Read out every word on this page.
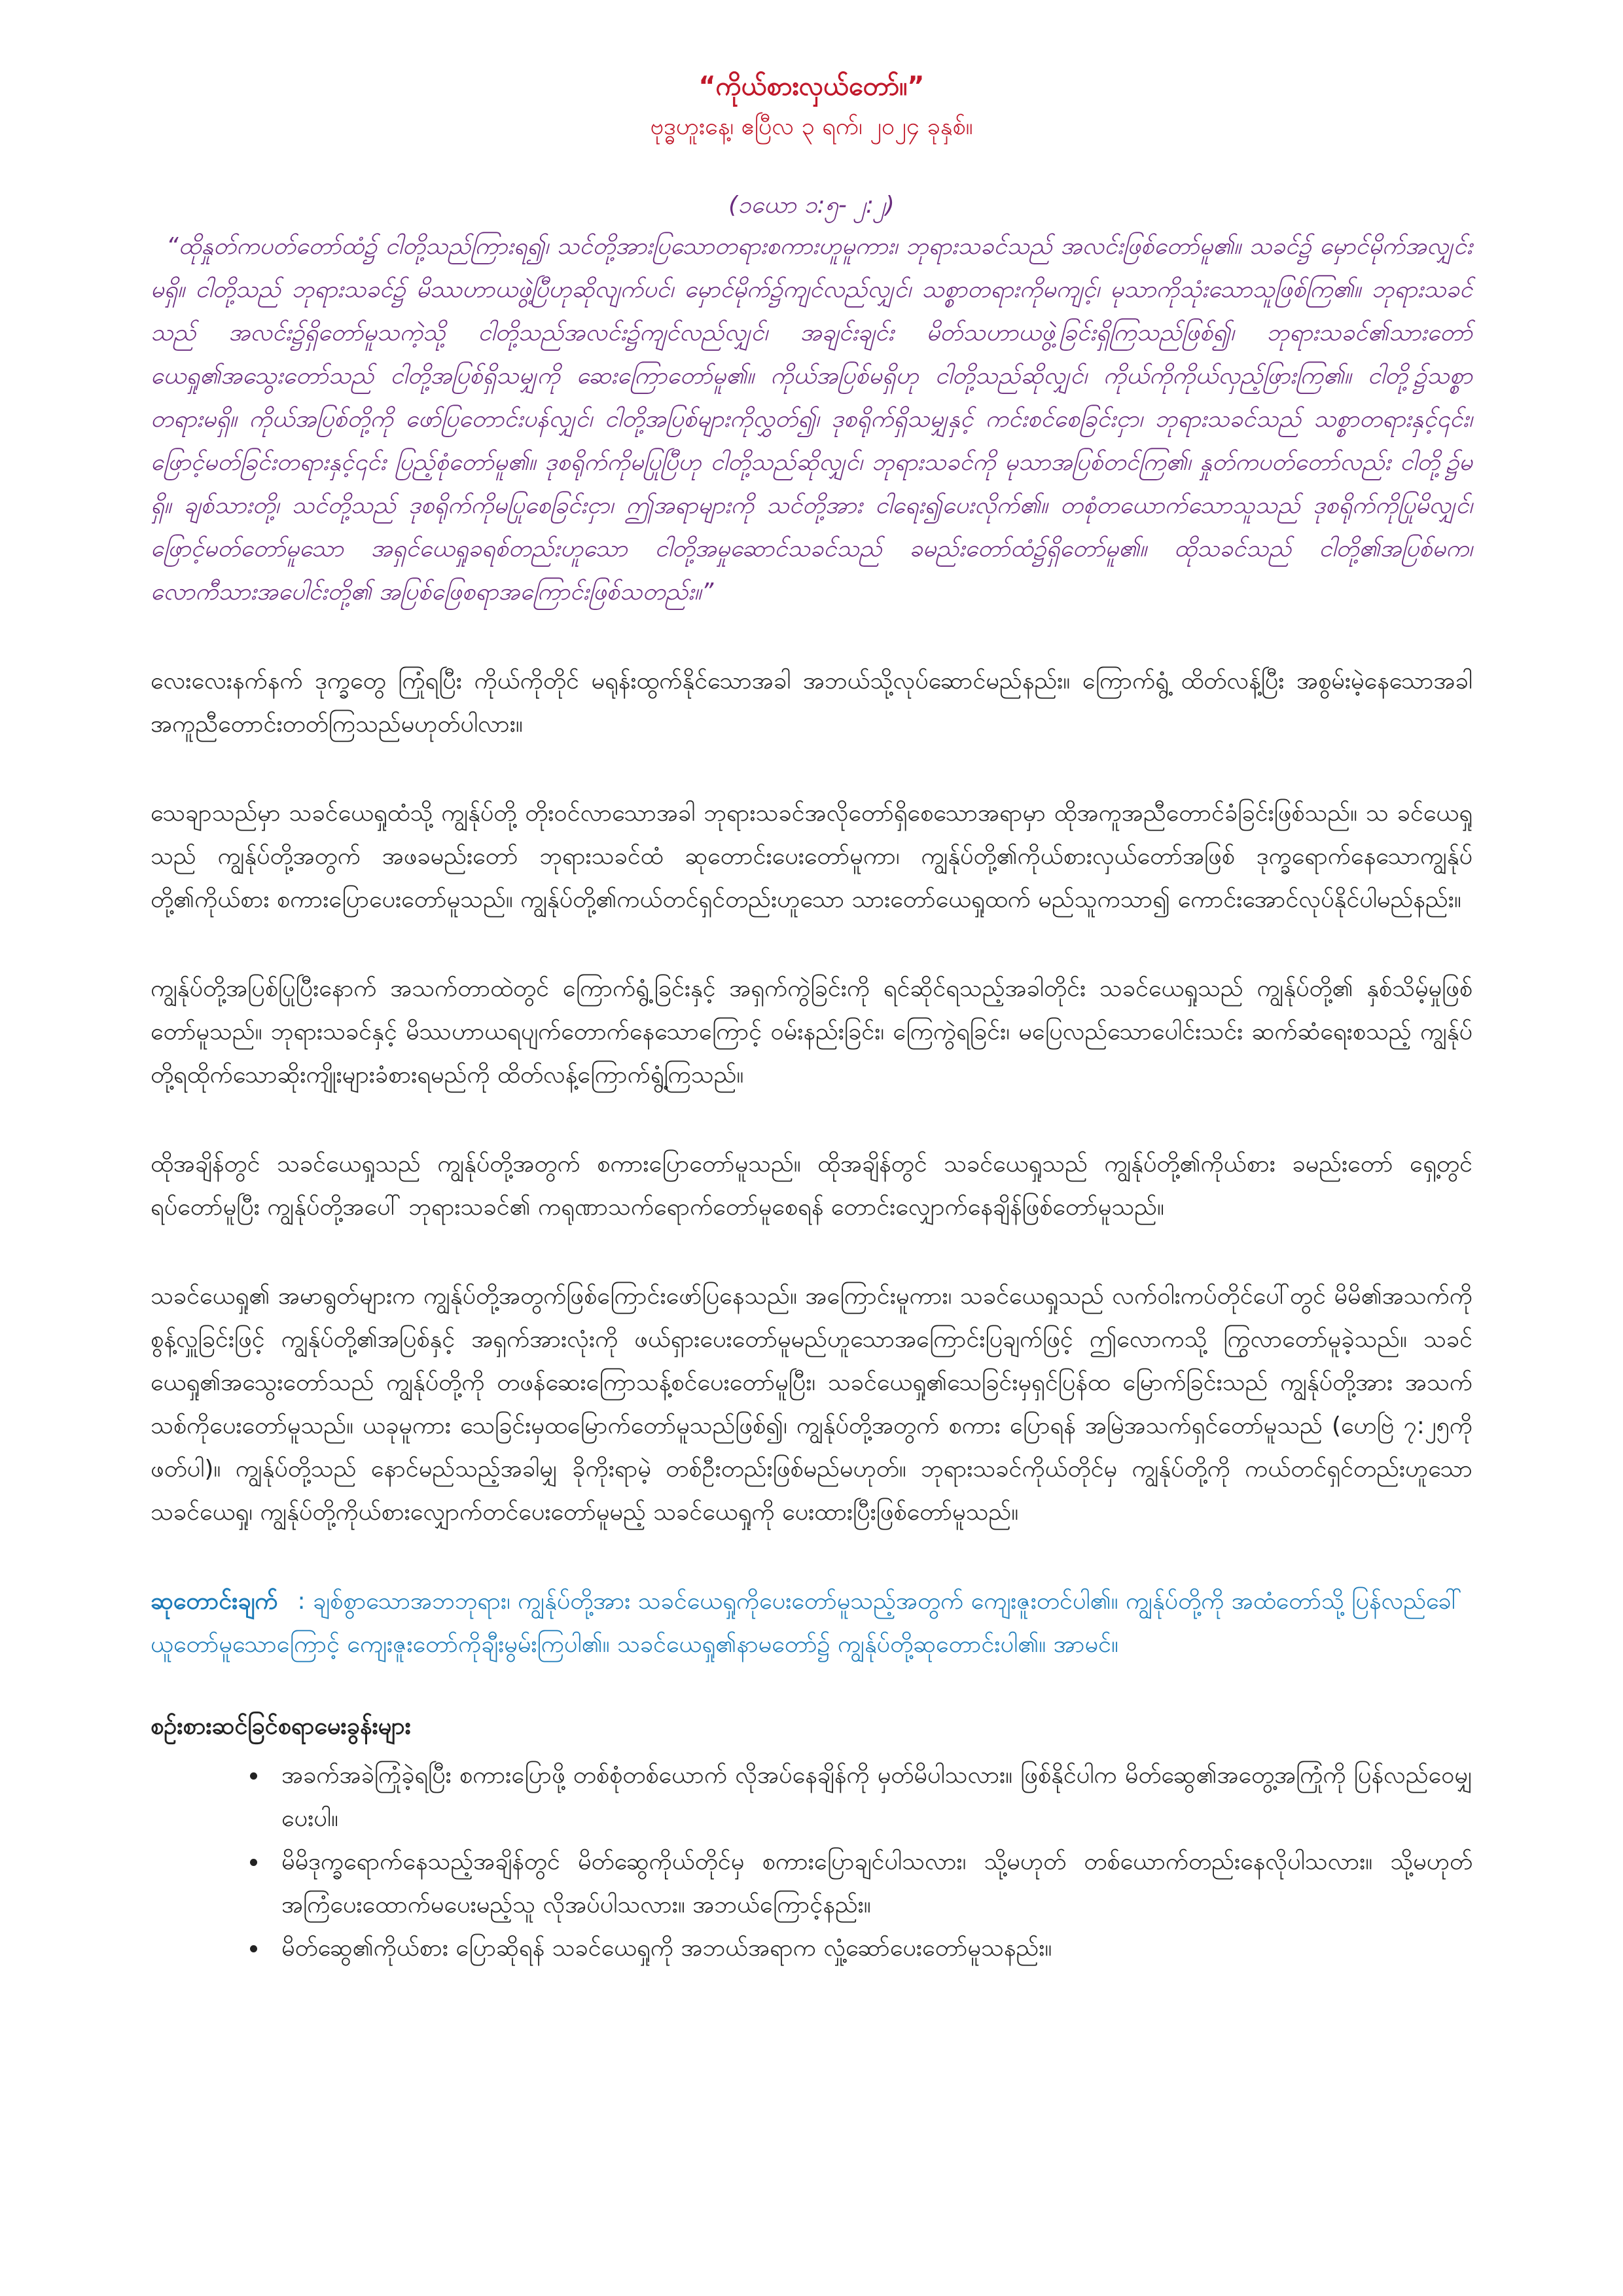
“ကိုယ်စားလှယ်တော်။”

ဗုဒ္ဓဟူးနေ့၊ ဧပြီလ ၃ ရက်၊ ၂၀၂၄ ခုနှစ်။

(၁ယော ၁:၅- ၂:၂)

“ထိုနှုတ်ကပတ်တော်ထံ၌ ငါတို့သည်ကြားရ၍၊ သင်တို့အားပြသောတရားစကားဟူမူကား၊ ဘုရားသခင်သည် အလင်းဖြစ်တော်မူ၏။ သခင်၌ မှောင်မိုက်အလျှင်းမရှိ။ ငါတို့သည် ဘုရားသခင်၌ မိဿဟာယဖွဲ့ပြီဟုဆိုလျက်ပင်၊ မှောင်မိုက်၌ကျင်လည်လျှင်၊ သစ္စာတရားကိုမကျင့်၊ မုသာကိုသုံးသောသူဖြစ်ကြ၏။ ဘုရားသခင်သည် အလင်း၌ရှိတော်မူသကဲ့သို့ ငါတို့သည်အလင်း၌ကျင်လည်လျှင်၊ အချင်းချင်း မိတ်သဟာယဖွဲ့ခြင်းရှိကြသည်ဖြစ်၍၊ ဘုရားသခင်၏သားတော်ယေရှု၏အသွေးတော်သည် ငါတို့အပြစ်ရှိသမျှကို ဆေးကြောတော်မူ၏။ ကိုယ်အပြစ်မရှိဟု ငါတို့သည်ဆိုလျှင်၊ ကိုယ်ကိုကိုယ်လှည့်ဖြားကြ၏။ ငါတို့၌သစ္စာတရားမရှိ။ ကိုယ်အပြစ်တို့ကို ဖော်ပြတောင်းပန်လျှင်၊ ငါတို့အပြစ်များကိုလွှတ်၍၊ ဒုစရိုက်ရှိသမျှနှင့် ကင်းစင်စေခြင်းငှာ၊ ဘုရားသခင်သည် သစ္စာတရားနှင့်၎င်း၊ ဖြောင့်မတ်ခြင်းတရားနှင့်၎င်း ပြည့်စုံတော်မူ၏။ ဒုစရိုက်ကိုမပြုပြီဟု ငါတို့သည်ဆိုလျှင်၊ ဘုရားသခင်ကို မုသာအပြစ်တင်ကြ၏၊ နှုတ်ကပတ်တော်လည်း ငါတို့၌မရှိ။ ချစ်သားတို့၊ သင်တို့သည် ဒုစရိုက်ကိုမပြုစေခြင်းငှာ၊ ဤအရာများကို သင်တို့အား ငါရေး၍ပေးလိုက်၏။ တစုံတယောက်သောသူသည် ဒုစရိုက်ကိုပြုမိလျှင်၊ ဖြောင့်မတ်တော်မူသော အရှင်ယေရှုခရစ်တည်းဟူသော ငါတို့အမှုဆောင်သခင်သည် ခမည်းတော်ထံ၌ရှိတော်မူ၏။ ထိုသခင်သည် ငါတို့၏အပြစ်မက၊ လောကီသားအပေါင်းတို့၏ အပြစ်ဖြေစရာအကြောင်းဖြစ်သတည်း။”

လေးလေးနက်နက် ဒုက္ခတွေ ကြုံရပြီး ကိုယ်ကိုတိုင် မရုန်းထွက်နိုင်သောအခါ အဘယ်သို့လုပ်ဆောင်မည်နည်း။ ကြောက်ရွံ့ ထိတ်လန့်ပြီး အစွမ်းမဲ့နေသောအခါ အကူညီတောင်းတတ်ကြသည်မဟုတ်ပါလား။

သေချာသည်မှာ သခင်ယေရှုထံသို့ ကျွန်ုပ်တို့ တိုးဝင်လာသောအခါ ဘုရားသခင်အလိုတော်ရှိစေသောအရာမှာ ထိုအကူအညီတောင်ခံခြင်းဖြစ်သည်။ သ ခင်ယေရှုသည် ကျွန်ုပ်တို့အတွက် အဖခမည်းတော် ဘုရားသခင်ထံ ဆုတောင်းပေးတော်မူကာ၊ ကျွန်ုပ်တို့၏ကိုယ်စားလှယ်တော်အဖြစ် ဒုက္ခရောက်နေသောကျွန်ုပ်တို့၏ကိုယ်စား စကားပြောပေးတော်မူသည်။ ကျွန်ုပ်တို့၏ကယ်တင်ရှင်တည်းဟူသော သားတော်ယေရှုထက် မည်သူကသာ၍ ကောင်းအောင်လုပ်နိုင်ပါမည်နည်း။

ကျွန်ုပ်တို့အပြစ်ပြုပြီးနောက် အသက်တာထဲတွင် ကြောက်ရွံ့ခြင်းနှင့် အရှက်ကွဲခြင်းကို ရင်ဆိုင်ရသည့်အခါတိုင်း သခင်ယေရှုသည် ကျွန်ုပ်တို့၏ နှစ်သိမ့်မှုဖြစ်တော်မူသည်။ ဘုရားသခင်နှင့် မိဿဟာယရပျက်တောက်နေသောကြောင့် ဝမ်းနည်းခြင်း၊ ကြေကွဲရခြင်း၊ မပြေလည်သောပေါင်းသင်း ဆက်ဆံရေးစသည့် ကျွန်ုပ်တို့ရထိုက်သောဆိုးကျိုးများခံစားရမည်ကို ထိတ်လန့်ကြောက်ရွံ့ကြသည်။

ထိုအချိန်တွင် သခင်ယေရှုသည် ကျွန်ုပ်တို့အတွက် စကားပြောတော်မူသည်။ ထိုအချိန်တွင် သခင်ယေရှုသည် ကျွန်ုပ်တို့၏ကိုယ်စား ခမည်းတော် ရှေ့တွင် ရပ်တော်မူပြီး ကျွန်ုပ်တို့အပေါ် ဘုရားသခင်၏ ကရုဏာသက်ရောက်တော်မူစေရန် တောင်းလျှောက်နေချိန်ဖြစ်တော်မူသည်။

သခင်ယေရှု၏ အမာရွတ်များက ကျွန်ုပ်တို့အတွက်ဖြစ်ကြောင်းဖော်ပြနေသည်။ အကြောင်းမူကား၊ သခင်ယေရှုသည် လက်ဝါးကပ်တိုင်ပေါ်တွင် မိမိ၏အသက်ကိုစွန့်လှူခြင်းဖြင့် ကျွန်ုပ်တို့၏အပြစ်နှင့် အရှက်အားလုံးကို ဖယ်ရှားပေးတော်မူမည်ဟူသောအကြောင်းပြချက်ဖြင့် ဤလောကသို့ ကြွလာတော်မူခဲ့သည်။ သခင်ယေရှု၏အသွေးတော်သည် ကျွန်ုပ်တို့ကို တဖန်ဆေးကြောသန့်စင်ပေးတော်မူပြီး၊ သခင်ယေရှု၏သေခြင်းမှရှင်ပြန်ထ မြောက်ခြင်းသည် ကျွန်ုပ်တို့အား အသက်သစ်ကိုပေးတော်မူသည်။ ယခုမူကား သေခြင်းမှထမြောက်တော်မူသည်ဖြစ်၍၊ ကျွန်ုပ်တို့အတွက် စကား ပြောရန် အမြဲအသက်ရှင်တော်မူသည် (ဟေဗြဲ ၇:၂၅ကိုဖတ်ပါ)။ ကျွန်ုပ်တို့သည် နောင်မည်သည့်အခါမျှ ခိုကိုးရာမဲ့ တစ်ဦးတည်းဖြစ်မည်မဟုတ်။ ဘုရားသခင်ကိုယ်တိုင်မှ ကျွန်ုပ်တို့ကို ကယ်တင်ရှင်တည်းဟူသော သခင်ယေရှု၊ ကျွန်ုပ်တို့ကိုယ်စားလျှောက်တင်ပေးတော်မူမည့် သခင်ယေရှုကို ပေးထားပြီးဖြစ်တော်မူသည်။

ဆုတောင်းချက် : ချစ်စွာသောအဘဘုရား၊ ကျွန်ုပ်တို့အား သခင်ယေရှုကိုပေးတော်မူသည့်အတွက် ကျေးဇူးတင်ပါ၏။ ကျွန်ုပ်တို့ကို အထံတော်သို့ ပြန်လည်ခေါ်ယူတော်မူသောကြောင့် ကျေးဇူးတော်ကိုချီးမွမ်းကြပါ၏။ သခင်ယေရှု၏နာမတော်၌ ကျွန်ုပ်တို့ဆုတောင်းပါ၏။ အာမင်။

စဉ်းစားဆင်ခြင်စရာမေးခွန်းများ

• အခက်အခဲကြုံခဲ့ရပြီး စကားပြောဖို့ တစ်စုံတစ်ယောက် လိုအပ်နေချိန်ကို မှတ်မိပါသလား။ ဖြစ်နိုင်ပါက မိတ်ဆွေ၏အတွေ့အကြုံကို ပြန်လည်ဝေမျှပေးပါ။
• မိမိဒုက္ခရောက်နေသည့်အချိန်တွင် မိတ်ဆွေကိုယ်တိုင်မှ စကားပြောချင်ပါသလား၊ သို့မဟုတ် တစ်ယောက်တည်းနေလိုပါသလား။ သို့မဟုတ် အကြံပေးထောက်မပေးမည့်သူ လိုအပ်ပါသလား။ အဘယ်ကြောင့်နည်း။
• မိတ်ဆွေ၏ကိုယ်စား ပြောဆိုရန် သခင်ယေရှုကို အဘယ်အရာက လှုံ့ဆော်ပေးတော်မူသနည်း။
